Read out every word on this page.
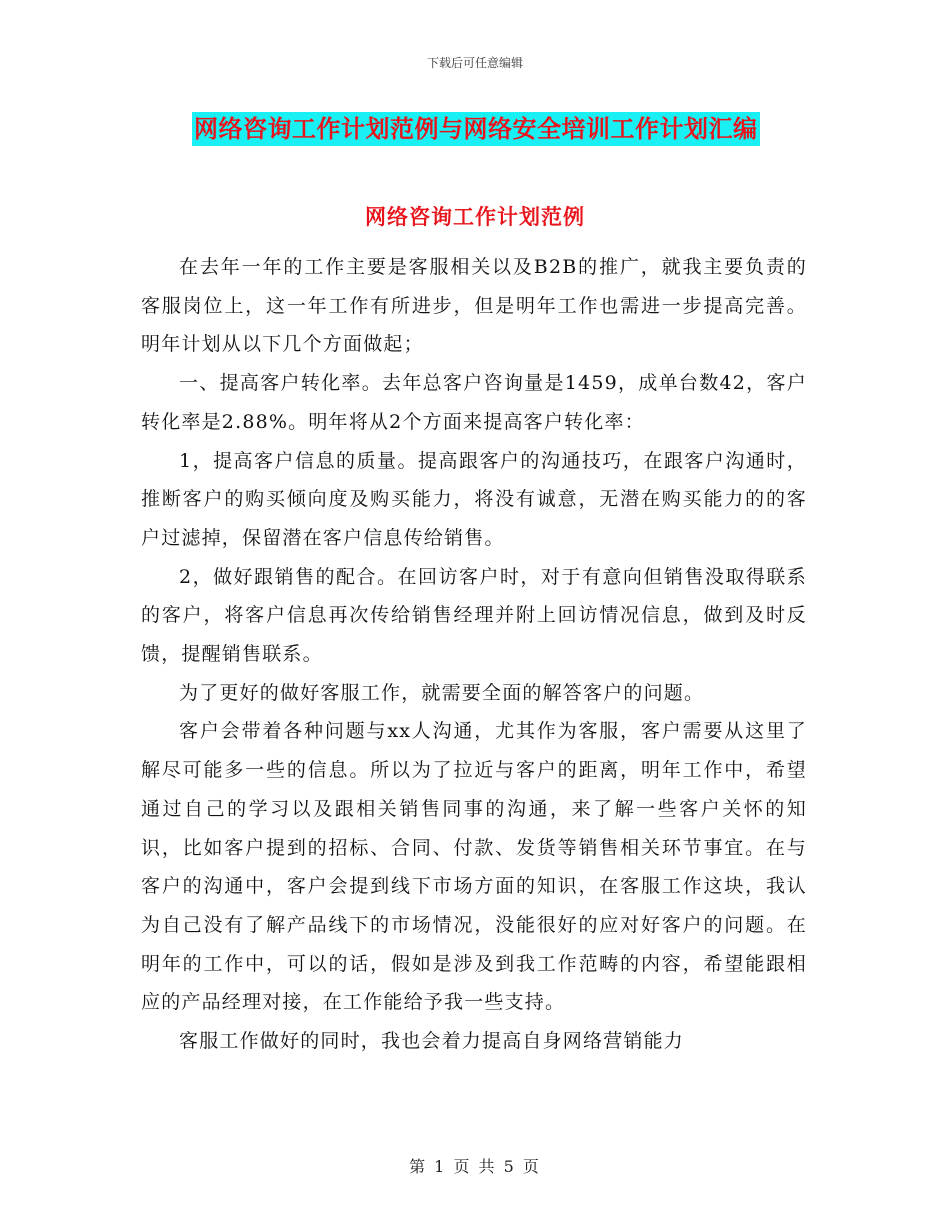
下载后可任意编辑
网络咨询工作计划范例与网络安全培训工作计划汇编
网络咨询工作计划范例

在去年一年的工作主要是客服相关以及B2B的推广，就我主要负责的客服岗位上，这一年工作有所进步，但是明年工作也需进一步提高完善。明年计划从以下几个方面做起；

一、提高客户转化率。去年总客户咨询量是1459，成单台数42，客户转化率是2.88%。明年将从2个方面来提高客户转化率：

1，提高客户信息的质量。提高跟客户的沟通技巧，在跟客户沟通时，推断客户的购买倾向度及购买能力，将没有诚意，无潜在购买能力的的客户过滤掉，保留潜在客户信息传给销售。

2，做好跟销售的配合。在回访客户时，对于有意向但销售没取得联系的客户，将客户信息再次传给销售经理并附上回访情况信息，做到及时反馈，提醒销售联系。

为了更好的做好客服工作，就需要全面的解答客户的问题。

客户会带着各种问题与xx人沟通，尤其作为客服，客户需要从这里了解尽可能多一些的信息。所以为了拉近与客户的距离，明年工作中，希望通过自己的学习以及跟相关销售同事的沟通，来了解一些客户关怀的知识，比如客户提到的招标、合同、付款、发货等销售相关环节事宜。在与客户的沟通中，客户会提到线下市场方面的知识，在客服工作这块，我认为自己没有了解产品线下的市场情况，没能很好的应对好客户的问题。在明年的工作中，可以的话，假如是涉及到我工作范畴的内容，希望能跟相应的产品经理对接，在工作能给予我一些支持。

客服工作做好的同时，我也会着力提高自身网络营销能力

第 1 页 共 5 页
